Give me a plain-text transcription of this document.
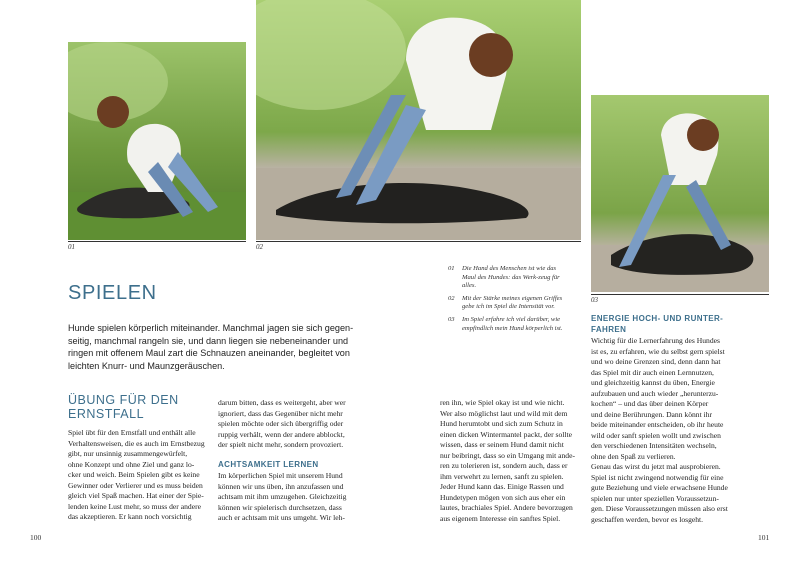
01	02
03
SPIELEN

Hunde spielen körperlich miteinander. Manchmal jagen sie sich gegen-
seitig, manchmal rangeln sie, und dann liegen sie nebeneinander und
ringen mit offenem Maul zart die Schnauzen aneinander, begleitet von
leichten Knurr- und Maunzgeräuschen.

01 Die Hand des Menschen ist wie das Maul des Hundes: das Werk-zeug für alles.
02 Mit der Stärke meines eigenen Griffes gebe ich im Spiel die Intensität vor.
03 Im Spiel erfahre ich viel darüber, wie empfindlich mein Hund körperlich ist.
ÜBUNG FÜR DEN
ERNSTFALL

Spiel übt für den Ernstfall und enthält alle
Verhaltensweisen, die es auch im Ernstbezug
gibt, nur unsinnig zusammengewürfelt,
ohne Konzept und ohne Ziel und ganz lo-
cker und weich. Beim Spielen gibt es keine
Gewinner oder Verlierer und es muss beiden
gleich viel Spaß machen. Hat einer der Spie-
lenden keine Lust mehr, so muss der andere
das akzeptieren. Er kann noch vorsichtig

darum bitten, dass es weitergeht, aber wer
ignoriert, dass das Gegenüber nicht mehr
spielen möchte oder sich übergriffig oder
ruppig verhält, wenn der andere abblockt,
der spielt nicht mehr, sondern provoziert.

ACHTSAMKEIT LERNEN

Im körperlichen Spiel mit unserem Hund
können wir uns üben, ihn anzufassen und
achtsam mit ihm umzugehen. Gleichzeitig
können wir spielerisch durchsetzen, dass
auch er achtsam mit uns umgeht. Wir leh-

ren ihn, wie Spiel okay ist und wie nicht.
Wer also möglichst laut und wild mit dem
Hund herumtobt und sich zum Schutz in
einen dicken Wintermantel packt, der sollte
wissen, dass er seinem Hund damit nicht
nur beibringt, dass so ein Umgang mit ande-
ren zu tolerieren ist, sondern auch, dass er
ihm verwehrt zu lernen, sanft zu spielen.
Jeder Hund kann das. Einige Rassen und
Hundetypen mögen von sich aus eher ein
lautes, brachiales Spiel. Andere bevorzugen
aus eigenem Interesse ein sanftes Spiel.

ENERGIE HOCH- UND RUNTER-
FAHREN

Wichtig für die Lernerfahrung des Hundes
ist es, zu erfahren, wie du selbst gern spielst
und wo deine Grenzen sind, denn dann hat
das Spiel mit dir auch einen Lernnutzen,
und gleichzeitig kannst du üben, Energie
aufzubauen und auch wieder „herunterzu-
kochen“ – und das über deinen Körper
und deine Berührungen. Dann könnt ihr
beide miteinander entscheiden, ob ihr heute
wild oder sanft spielen wollt und zwischen
den verschiedenen Intensitäten wechseln,
ohne den Spaß zu verlieren.
Genau das wirst du jetzt mal ausprobieren.
Spiel ist nicht zwingend notwendig für eine
gute Beziehung und viele erwachsene Hunde
spielen nur unter speziellen Voraussetzun-
gen. Diese Voraussetzungen müssen also erst
geschaffen werden, bevor es losgeht.

100	101
